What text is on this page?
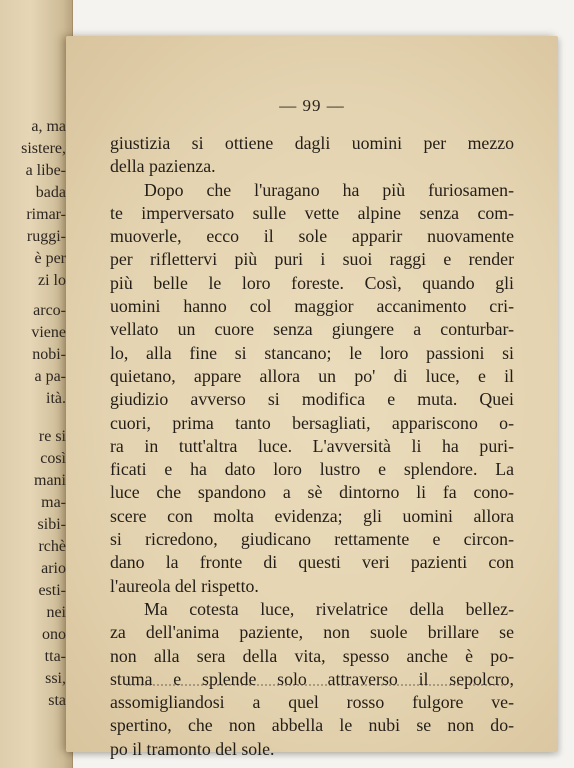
a, ma
sistere,
a libe-
bada
rimar-
ruggi-
è per
zi lo
arco-
viene
nobi-
a pa-
ità.
re si
così
mani
ma-
sibi-
rchè
ario
esti-
nei
ono
tta-
ssi,
sta
— 99 —
giustizia si ottiene dagli uomini per mezzo
della pazienza.
Dopo che l'uragano ha più furiosamen-
te imperversato sulle vette alpine senza com-
muoverle, ecco il sole apparir nuovamente
per riflettervi più puri i suoi raggi e render
più belle le loro foreste. Così, quando gli
uomini hanno col maggior accanimento cri-
vellato un cuore senza giungere a conturbar-
lo, alla fine si stancano; le loro passioni si
quietano, appare allora un po' di luce, e il
giudizio avverso si modifica e muta. Quei
cuori, prima tanto bersagliati, appariscono o-
ra in tutt'altra luce. L'avversità li ha puri-
ficati e ha dato loro lustro e splendore. La
luce che spandono a sè dintorno li fa cono-
scere con molta evidenza; gli uomini allora
si ricredono, giudicano rettamente e circon-
dano la fronte di questi veri pazienti con
l'aureola del rispetto.
Ma cotesta luce, rivelatrice della bellez-
za dell'anima paziente, non suole brillare se
non alla sera della vita, spesso anche è po-
stuma e splende solo attraverso il sepolcro,
assomigliandosi a quel rosso fulgore ve-
spertino, che non abbella le nubi se non do-
po il tramonto del sole.
